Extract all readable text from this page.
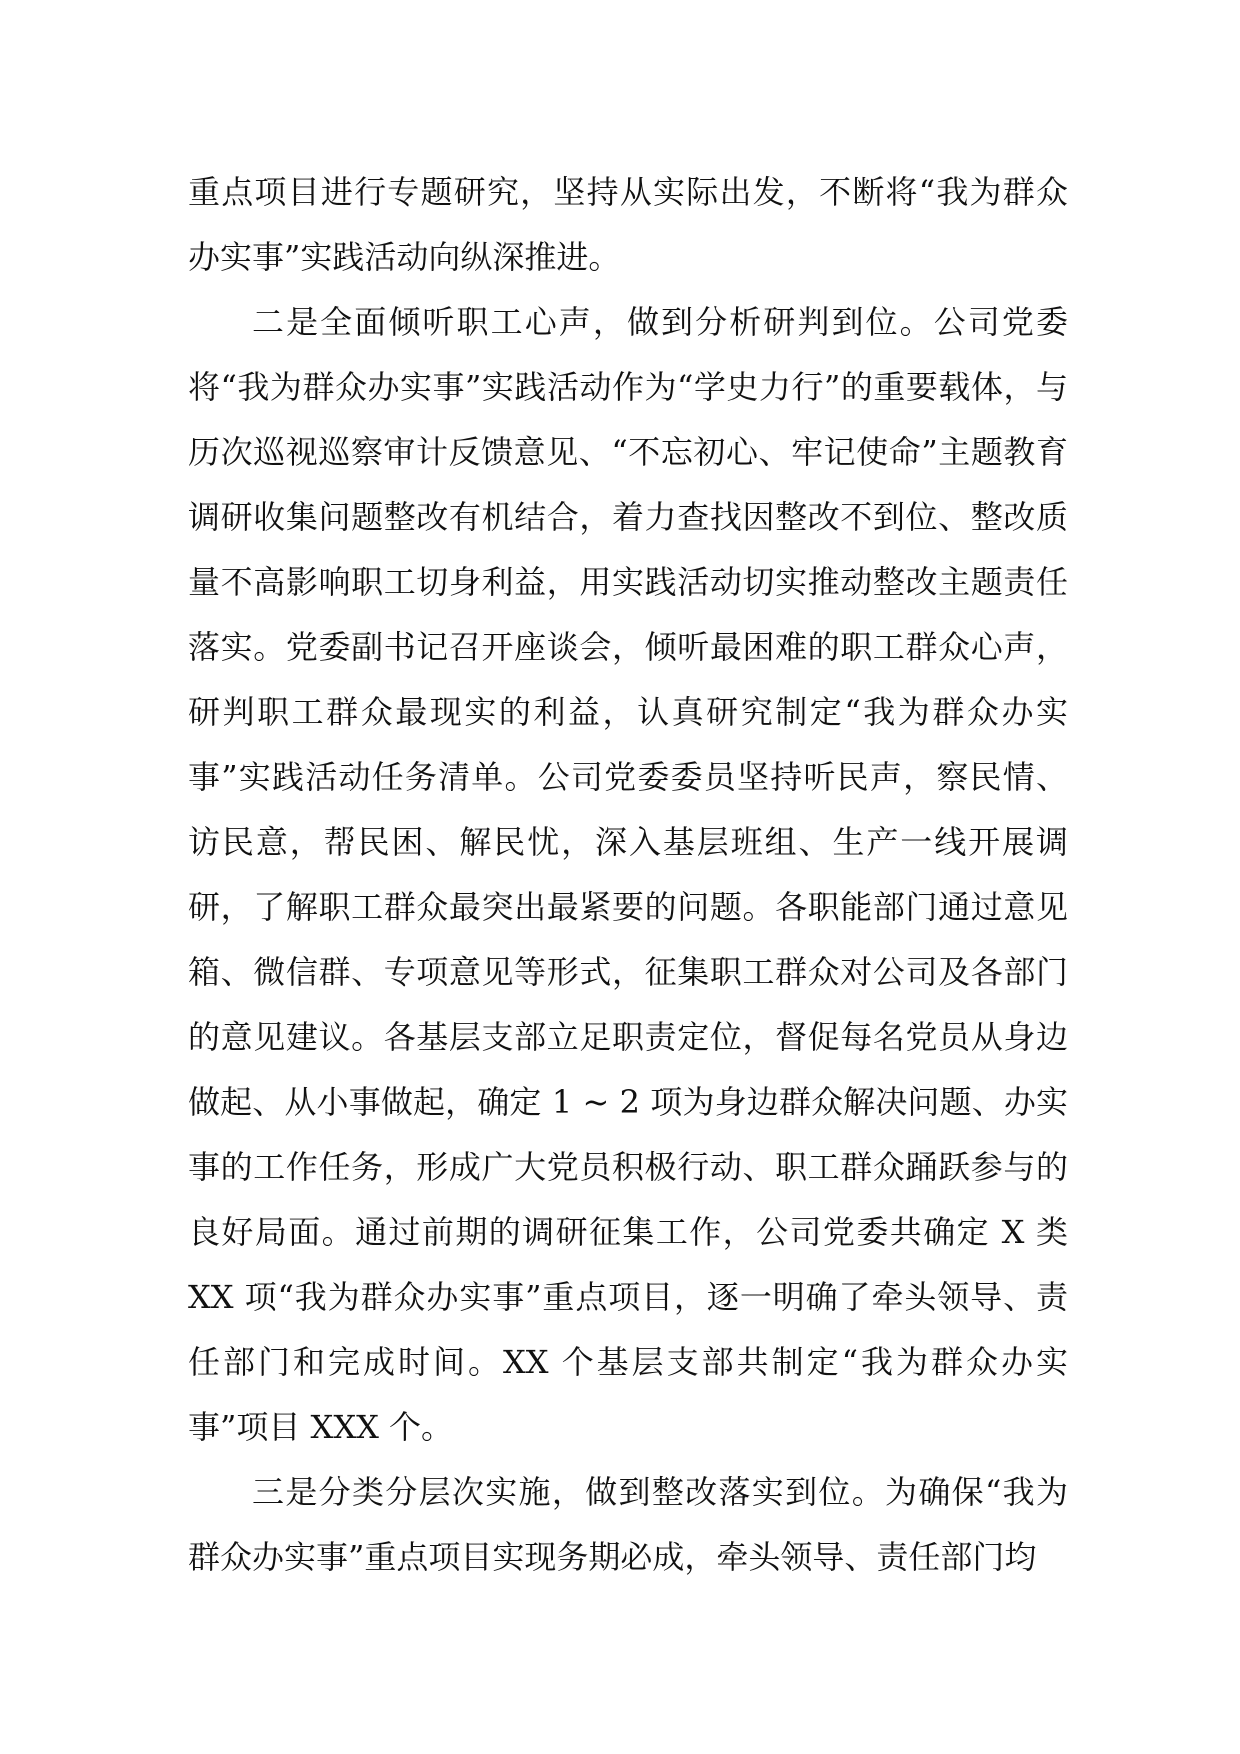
重点项目进行专题研究，坚持从实际出发，不断将“我为群众办实事”实践活动向纵深推进。

二是全面倾听职工心声，做到分析研判到位。公司党委将“我为群众办实事”实践活动作为“学史力行”的重要载体，与历次巡视巡察审计反馈意见、“不忘初心、牢记使命”主题教育调研收集问题整改有机结合，着力查找因整改不到位、整改质量不高影响职工切身利益，用实践活动切实推动整改主题责任落实。党委副书记召开座谈会，倾听最困难的职工群众心声，研判职工群众最现实的利益，认真研究制定“我为群众办实事”实践活动任务清单。公司党委委员坚持听民声，察民情、访民意，帮民困、解民忧，深入基层班组、生产一线开展调研，了解职工群众最突出最紧要的问题。各职能部门通过意见箱、微信群、专项意见等形式，征集职工群众对公司及各部门的意见建议。各基层支部立足职责定位，督促每名党员从身边做起、从小事做起，确定 1 ~ 2 项为身边群众解决问题、办实事的工作任务，形成广大党员积极行动、职工群众踊跃参与的良好局面。通过前期的调研征集工作，公司党委共确定 X 类 XX 项“我为群众办实事”重点项目，逐一明确了牵头领导、责任部门和完成时间。XX 个基层支部共制定“我为群众办实事”项目 XXX 个。

三是分类分层次实施，做到整改落实到位。为确保“我为群众办实事”重点项目实现务期必成，牵头领导、责任部门均
